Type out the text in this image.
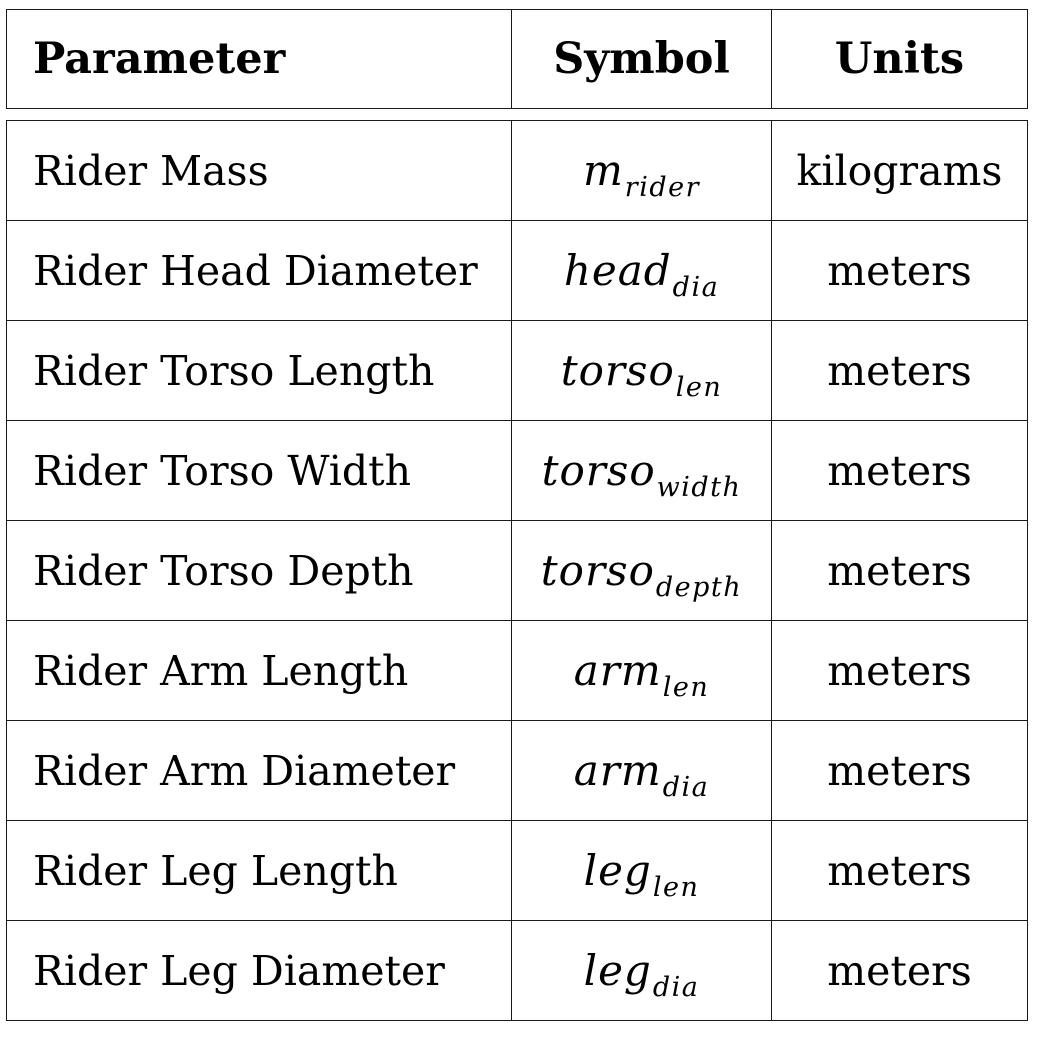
Parameter	Symbol	Units
Rider Mass	$m_{rider}$	kilograms
Rider Head Diameter	head$_{dia}$	meters
Rider Torso Length	torso$_{len}$	meters
Rider Torso Width	torso$_{width}$	meters
Rider Torso Depth	torso$_{depth}$	meters
Rider Arm Length	arm$_{len}$	meters
Rider Arm Diameter	arm$_{dia}$	meters
Rider Leg Length	leg$_{len}$	meters
Rider Leg Diameter	leg$_{dia}$	meters
